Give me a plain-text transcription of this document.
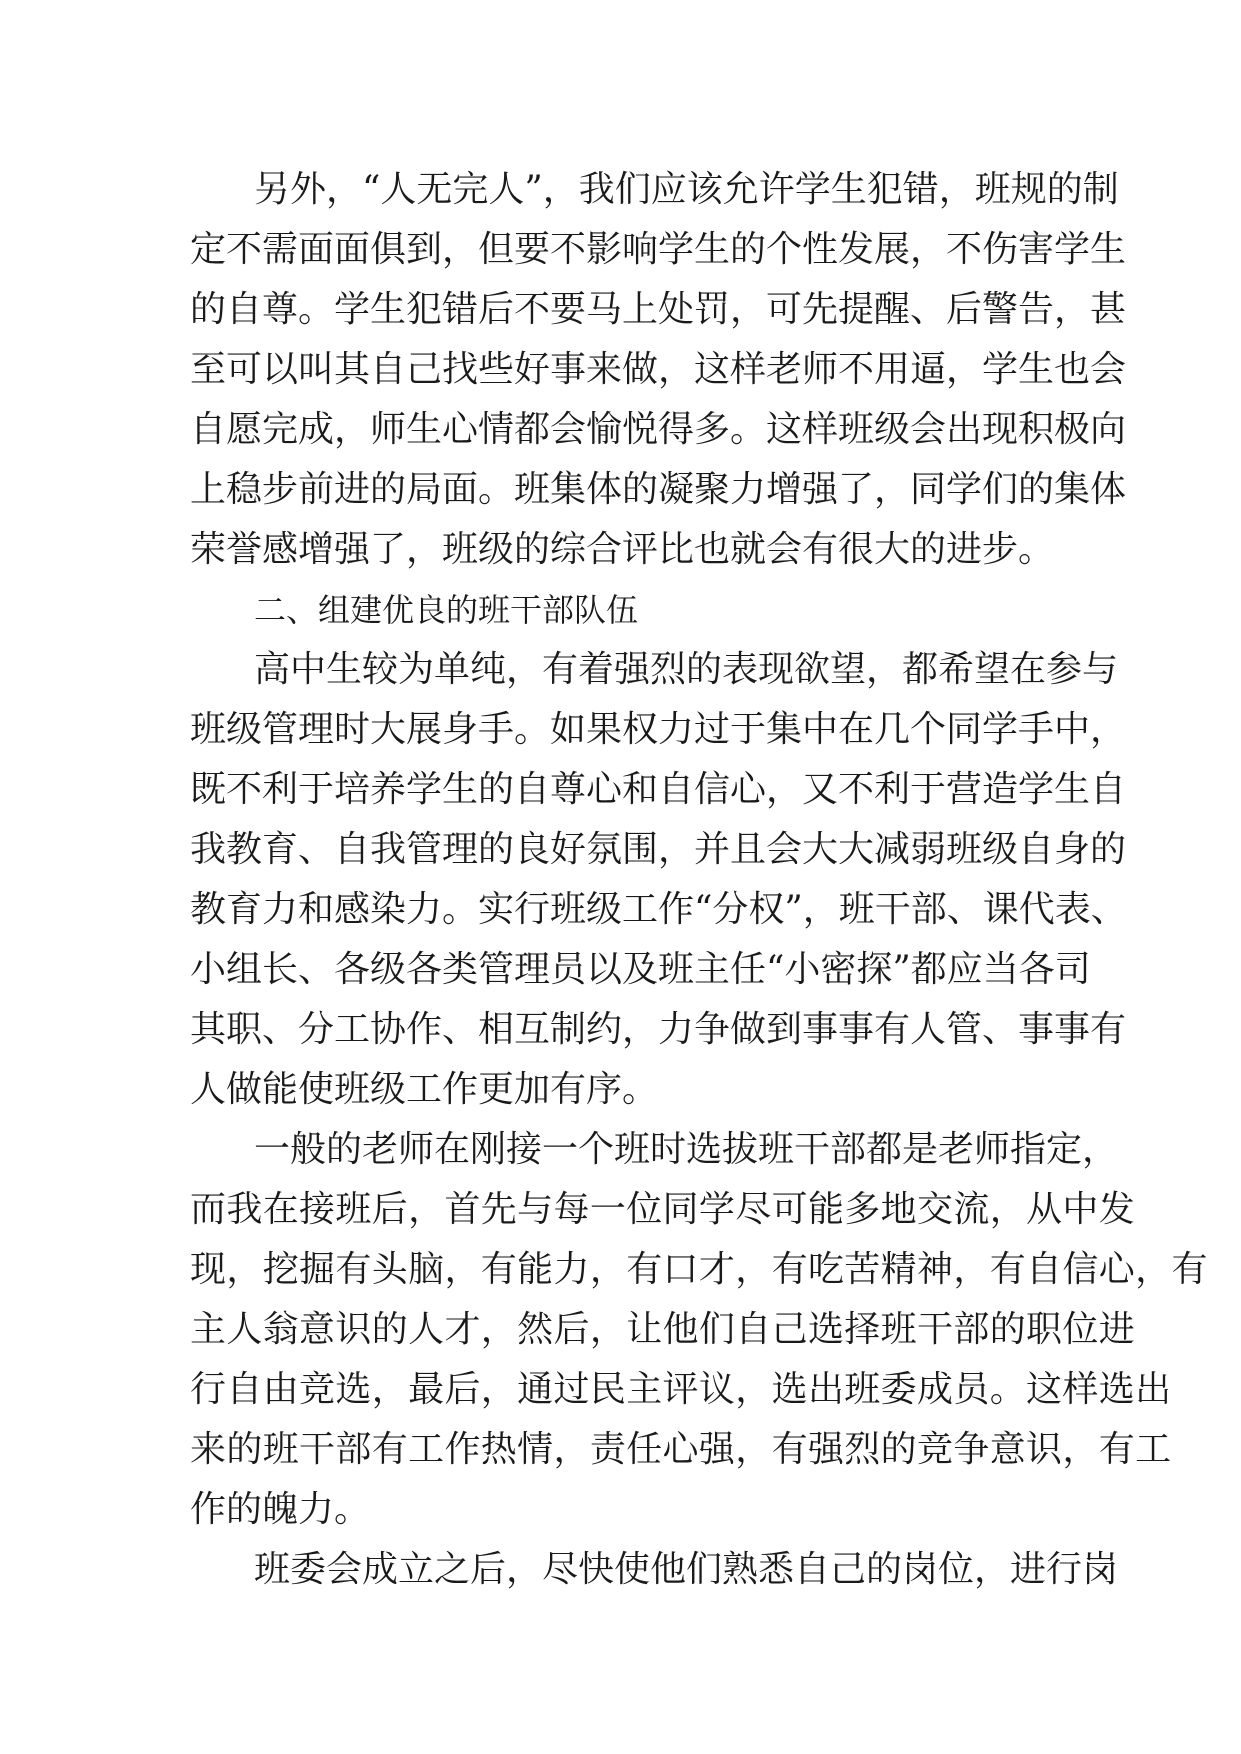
另外，“人无完人”，我们应该允许学生犯错，班规的制
定不需面面俱到，但要不影响学生的个性发展，不伤害学生
的自尊。学生犯错后不要马上处罚，可先提醒、后警告，甚
至可以叫其自己找些好事来做，这样老师不用逼，学生也会
自愿完成，师生心情都会愉悦得多。这样班级会出现积极向
上稳步前进的局面。班集体的凝聚力增强了，同学们的集体
荣誉感增强了，班级的综合评比也就会有很大的进步。
二、组建优良的班干部队伍
高中生较为单纯，有着强烈的表现欲望，都希望在参与
班级管理时大展身手。如果权力过于集中在几个同学手中，
既不利于培养学生的自尊心和自信心，又不利于营造学生自
我教育、自我管理的良好氛围，并且会大大减弱班级自身的
教育力和感染力。实行班级工作“分权”，班干部、课代表、
小组长、各级各类管理员以及班主任“小密探”都应当各司
其职、分工协作、相互制约，力争做到事事有人管、事事有
人做能使班级工作更加有序。
一般的老师在刚接一个班时选拔班干部都是老师指定，
而我在接班后，首先与每一位同学尽可能多地交流，从中发
现，挖掘有头脑，有能力，有口才，有吃苦精神，有自信心，有
主人翁意识的人才，然后，让他们自己选择班干部的职位进
行自由竞选，最后，通过民主评议，选出班委成员。这样选出
来的班干部有工作热情，责任心强，有强烈的竞争意识，有工
作的魄力。
班委会成立之后，尽快使他们熟悉自己的岗位，进行岗
